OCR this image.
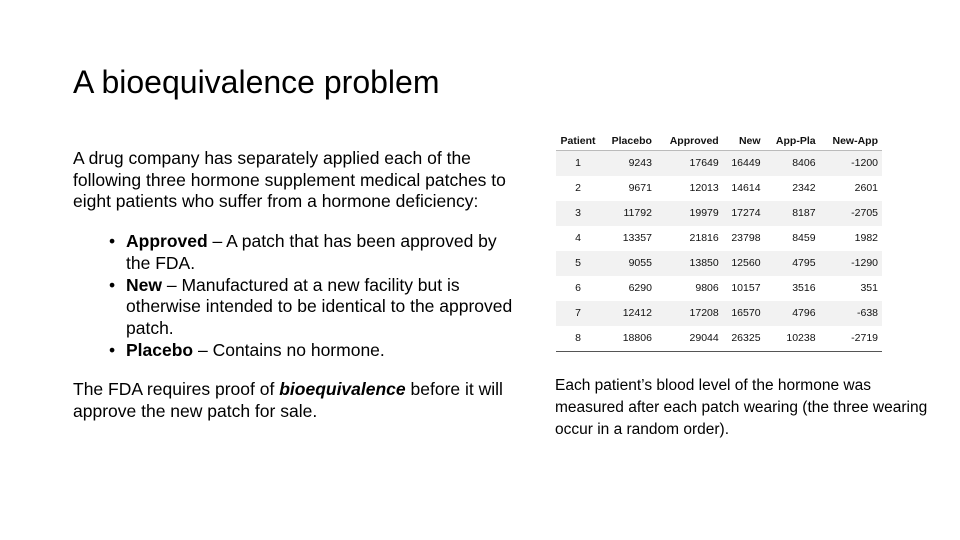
A bioequivalence problem

A drug company has separately applied each of the following three hormone supplement medical patches to eight patients who suffer from a hormone deficiency:

• Approved – A patch that has been approved by the FDA.
• New – Manufactured at a new facility but is otherwise intended to be identical to the approved patch.
• Placebo – Contains no hormone.

The FDA requires proof of bioequivalence before it will approve the new patch for sale.

Patient	Placebo	Approved	New	App-Pla	New-App
1	9243	17649	16449	8406	-1200
2	9671	12013	14614	2342	2601
3	11792	19979	17274	8187	-2705
4	13357	21816	23798	8459	1982
5	9055	13850	12560	4795	-1290
6	6290	9806	10157	3516	351
7	12412	17208	16570	4796	-638
8	18806	29044	26325	10238	-2719

Each patient’s blood level of the hormone was measured after each patch wearing (the three wearing occur in a random order).
